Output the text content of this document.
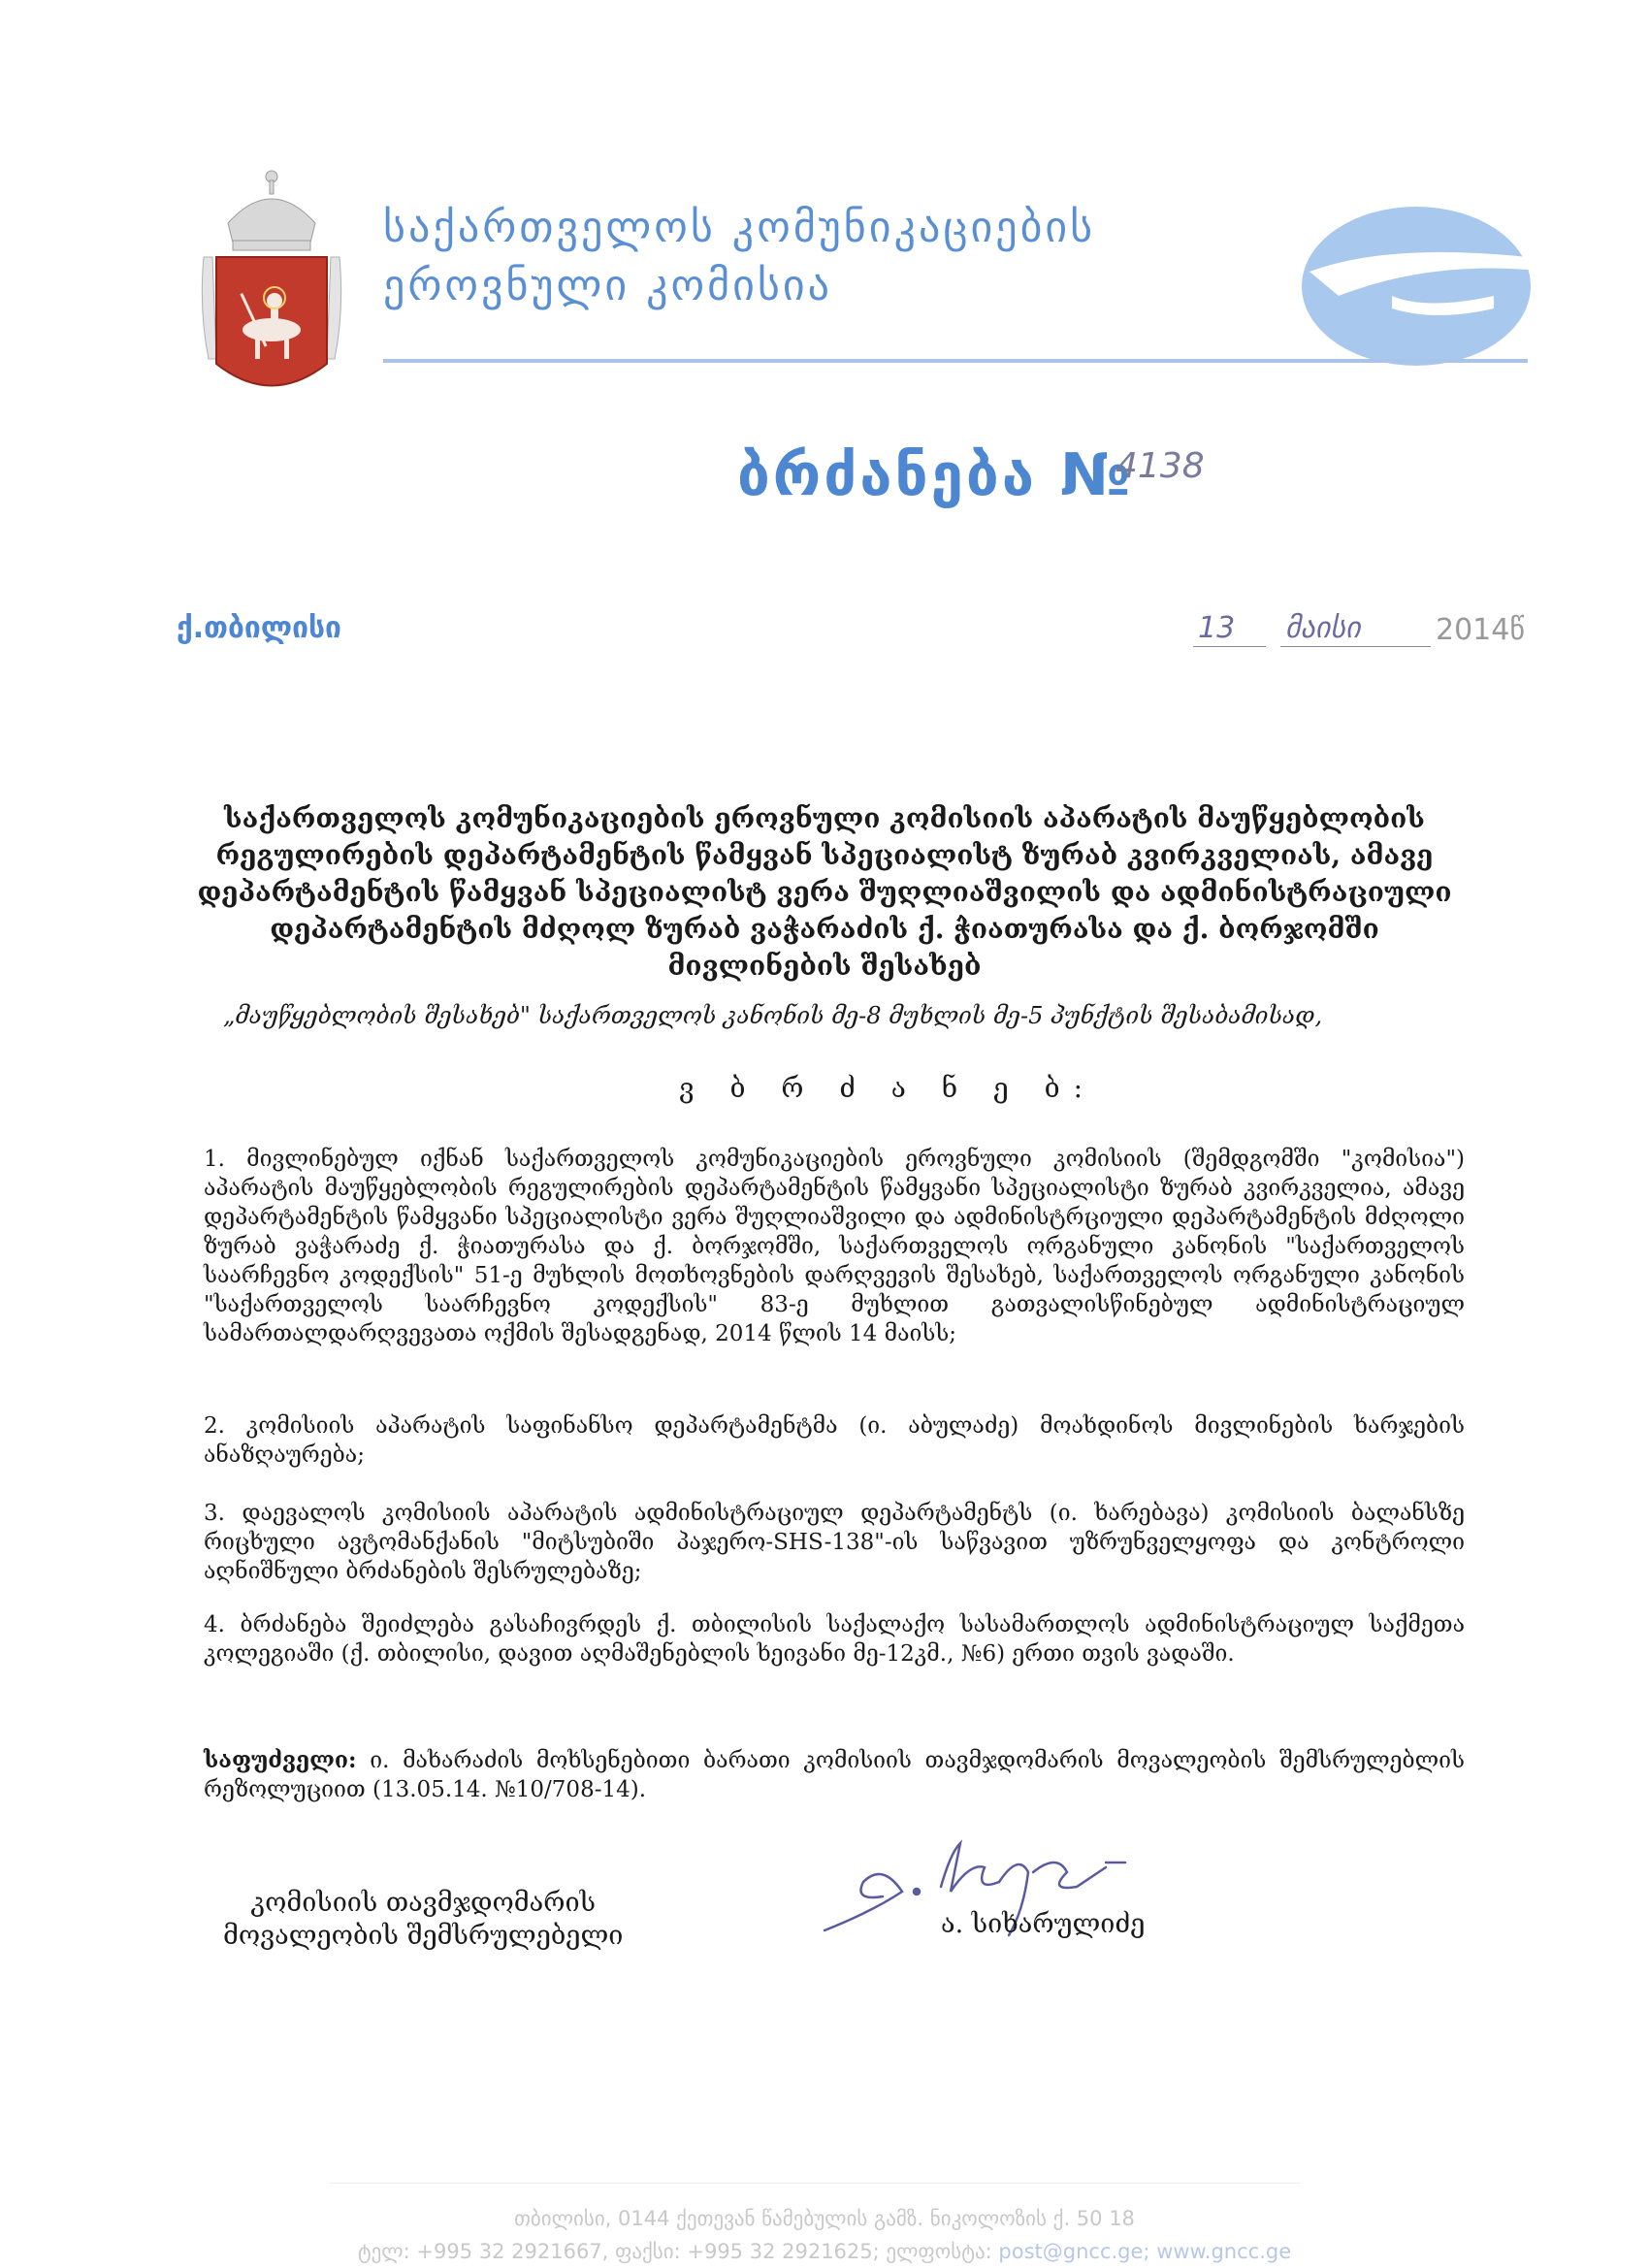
საქართველოს კომუნიკაციების
ეროვნული კომისია
ბრძანება №
4138
ქ.თბილისი	13 მაისი	2014წ
საქართველოს კომუნიკაციების ეროვნული კომისიის აპარატის მაუწყებლობის რეგულირების დეპარტამენტის წამყვან სპეციალისტ ზურაბ კვირკველიას, ამავე დეპარტამენტის წამყვან სპეციალისტ ვერა შუღლიაშვილის და ადმინისტრაციული დეპარტამენტის მძღოლ ზურაბ ვაჭარაძის ქ. ჭიათურასა და ქ. ბორჯომში მივლინების შესახებ
„მაუწყებლობის შესახებ" საქართველოს კანონის მე-8 მუხლის მე-5 პუნქტის შესაბამისად,
ვ ბ რ ძ ა ნ ე ბ:
1. მივლინებულ იქნან საქართველოს კომუნიკაციების ეროვნული კომისიის (შემდგომში "კომისია") აპარატის მაუწყებლობის რეგულირების დეპარტამენტის წამყვანი სპეციალისტი ზურაბ კვირკველია, ამავე დეპარტამენტის წამყვანი სპეციალისტი ვერა შუღლიაშვილი და ადმინისტრციული დეპარტამენტის მძღოლი ზურაბ ვაჭარაძე ქ. ჭიათურასა და ქ. ბორჯომში, საქართველოს ორგანული კანონის "საქართველოს საარჩევნო კოდექსის" 51-ე მუხლის მოთხოვნების დარღვევის შესახებ, საქართველოს ორგანული კანონის "საქართველოს საარჩევნო კოდექსის" 83-ე მუხლით გათვალისწინებულ ადმინისტრაციულ სამართალდარღვევათა ოქმის შესადგენად, 2014 წლის 14 მაისს;
2. კომისიის აპარატის საფინანსო დეპარტამენტმა (ი. აბულაძე) მოახდინოს მივლინების ხარჯების ანაზღაურება;
3. დაევალოს კომისიის აპარატის ადმინისტრაციულ დეპარტამენტს (ი. ხარებავა) კომისიის ბალანსზე რიცხული ავტომანქანის "მიტსუბიში პაჯერო-SHS-138"-ის საწვავით უზრუნველყოფა და კონტროლი აღნიშნული ბრძანების შესრულებაზე;
4. ბრძანება შეიძლება გასაჩივრდეს ქ. თბილისის საქალაქო სასამართლოს ადმინისტრაციულ საქმეთა კოლეგიაში (ქ. თბილისი, დავით აღმაშენებლის ხეივანი მე-12კმ., №6) ერთი თვის ვადაში.
საფუძველი: ი. მახარაძის მოხსენებითი ბარათი კომისიის თავმჯდომარის მოვალეობის შემსრულებლის რეზოლუციით (13.05.14. №10/708-14).
კომისიის თავმჯდომარის
მოვალეობის შემსრულებელი	ა. სიხარულიძე
თბილისი, 0144 ქეთევან წამებულის გამზ. ნიკოლოზის ქ. 50 18
ტელ: +995 32 2921667, ფაქსი: +995 32 2921625; ელფოსტა: post@gncc.ge; www.gncc.ge
